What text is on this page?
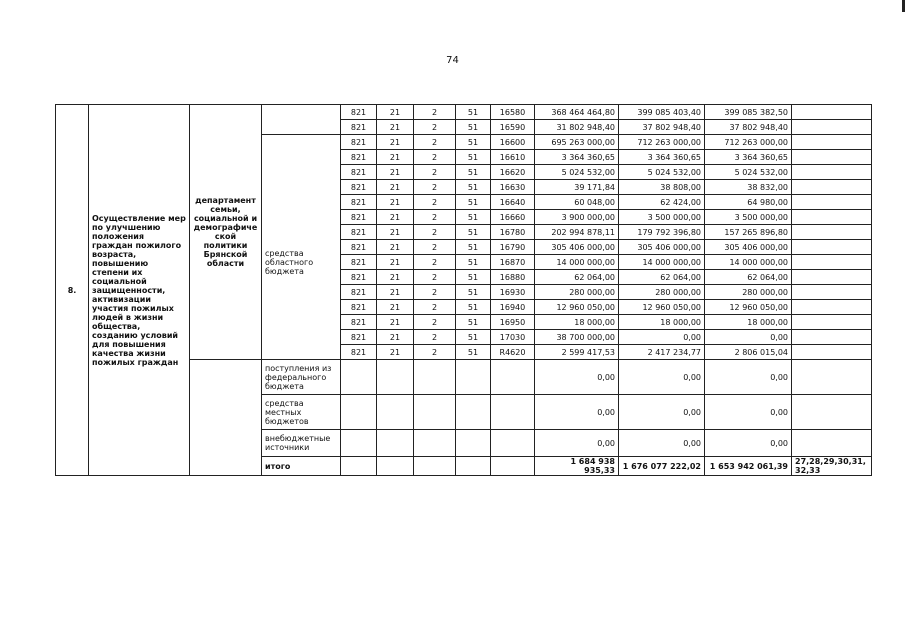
74
8.	Осуществление мер по улучшению положения граждан пожилого возраста, повышению степени их социальной защищенности, активизации участия пожилых людей в жизни общества, созданию условий для повышения качества жизни пожилых граждан	департамент семьи, социальной и демографиче ской политики Брянской области		821	21	2	51	16580	368 464 464,80	399 085 403,40	399 085 382,50	
				821	21	2	51	16590	31 802 948,40	37 802 948,40	37 802 948,40	
			средства областного бюджета	821	21	2	51	16600	695 263 000,00	712 263 000,00	712 263 000,00	
				821	21	2	51	16610	3 364 360,65	3 364 360,65	3 364 360,65	
				821	21	2	51	16620	5 024 532,00	5 024 532,00	5 024 532,00	
				821	21	2	51	16630	39 171,84	38 808,00	38 832,00	
				821	21	2	51	16640	60 048,00	62 424,00	64 980,00	
				821	21	2	51	16660	3 900 000,00	3 500 000,00	3 500 000,00	
				821	21	2	51	16780	202 994 878,11	179 792 396,80	157 265 896,80	
				821	21	2	51	16790	305 406 000,00	305 406 000,00	305 406 000,00	
				821	21	2	51	16870	14 000 000,00	14 000 000,00	14 000 000,00	
				821	21	2	51	16880	62 064,00	62 064,00	62 064,00	
				821	21	2	51	16930	280 000,00	280 000,00	280 000,00	
				821	21	2	51	16940	12 960 050,00	12 960 050,00	12 960 050,00	
				821	21	2	51	16950	18 000,00	18 000,00	18 000,00	
				821	21	2	51	17030	38 700 000,00	0,00	0,00	
				821	21	2	51	R4620	2 599 417,53	2 417 234,77	2 806 015,04	
			поступления из федерального бюджета						0,00	0,00	0,00	
			средства местных бюджетов						0,00	0,00	0,00	
			внебюджетные источники						0,00	0,00	0,00	
			итого						1 684 938 935,33	1 676 077 222,02	1 653 942 061,39	27,28,29,30,31, 32,33
